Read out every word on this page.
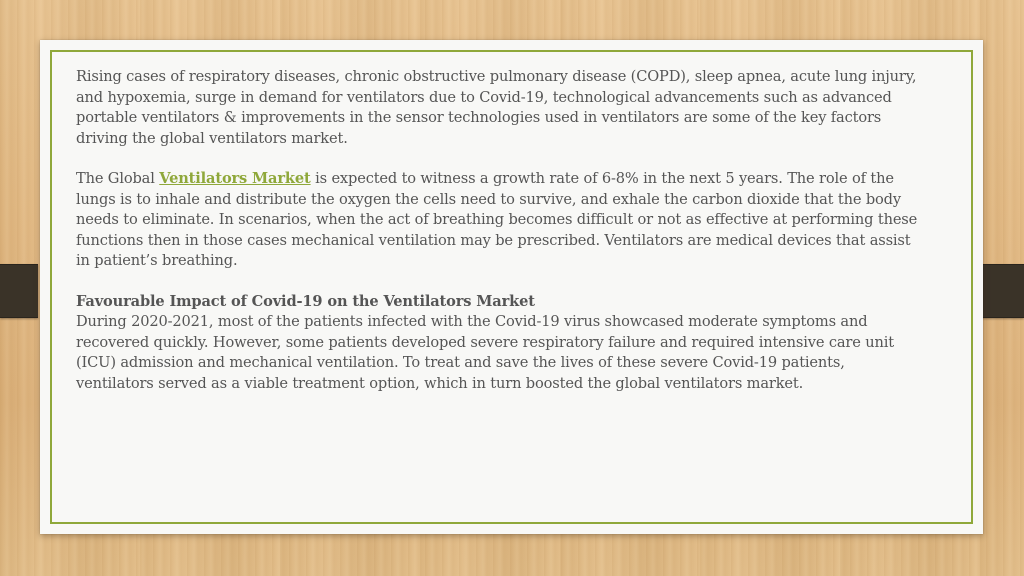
Rising cases of respiratory diseases, chronic obstructive pulmonary disease (COPD), sleep apnea, acute lung injury, and hypoxemia, surge in demand for ventilators due to Covid-19, technological advancements such as advanced portable ventilators & improvements in the sensor technologies used in ventilators are some of the key factors driving the global ventilators market.

The Global Ventilators Market is expected to witness a growth rate of 6-8% in the next 5 years. The role of the lungs is to inhale and distribute the oxygen the cells need to survive, and exhale the carbon dioxide that the body needs to eliminate. In scenarios, when the act of breathing becomes difficult or not as effective at performing these functions then in those cases mechanical ventilation may be prescribed. Ventilators are medical devices that assist in patient’s breathing.

Favourable Impact of Covid-19 on the Ventilators Market
During 2020-2021, most of the patients infected with the Covid-19 virus showcased moderate symptoms and recovered quickly. However, some patients developed severe respiratory failure and required intensive care unit (ICU) admission and mechanical ventilation. To treat and save the lives of these severe Covid-19 patients, ventilators served as a viable treatment option, which in turn boosted the global ventilators market.
